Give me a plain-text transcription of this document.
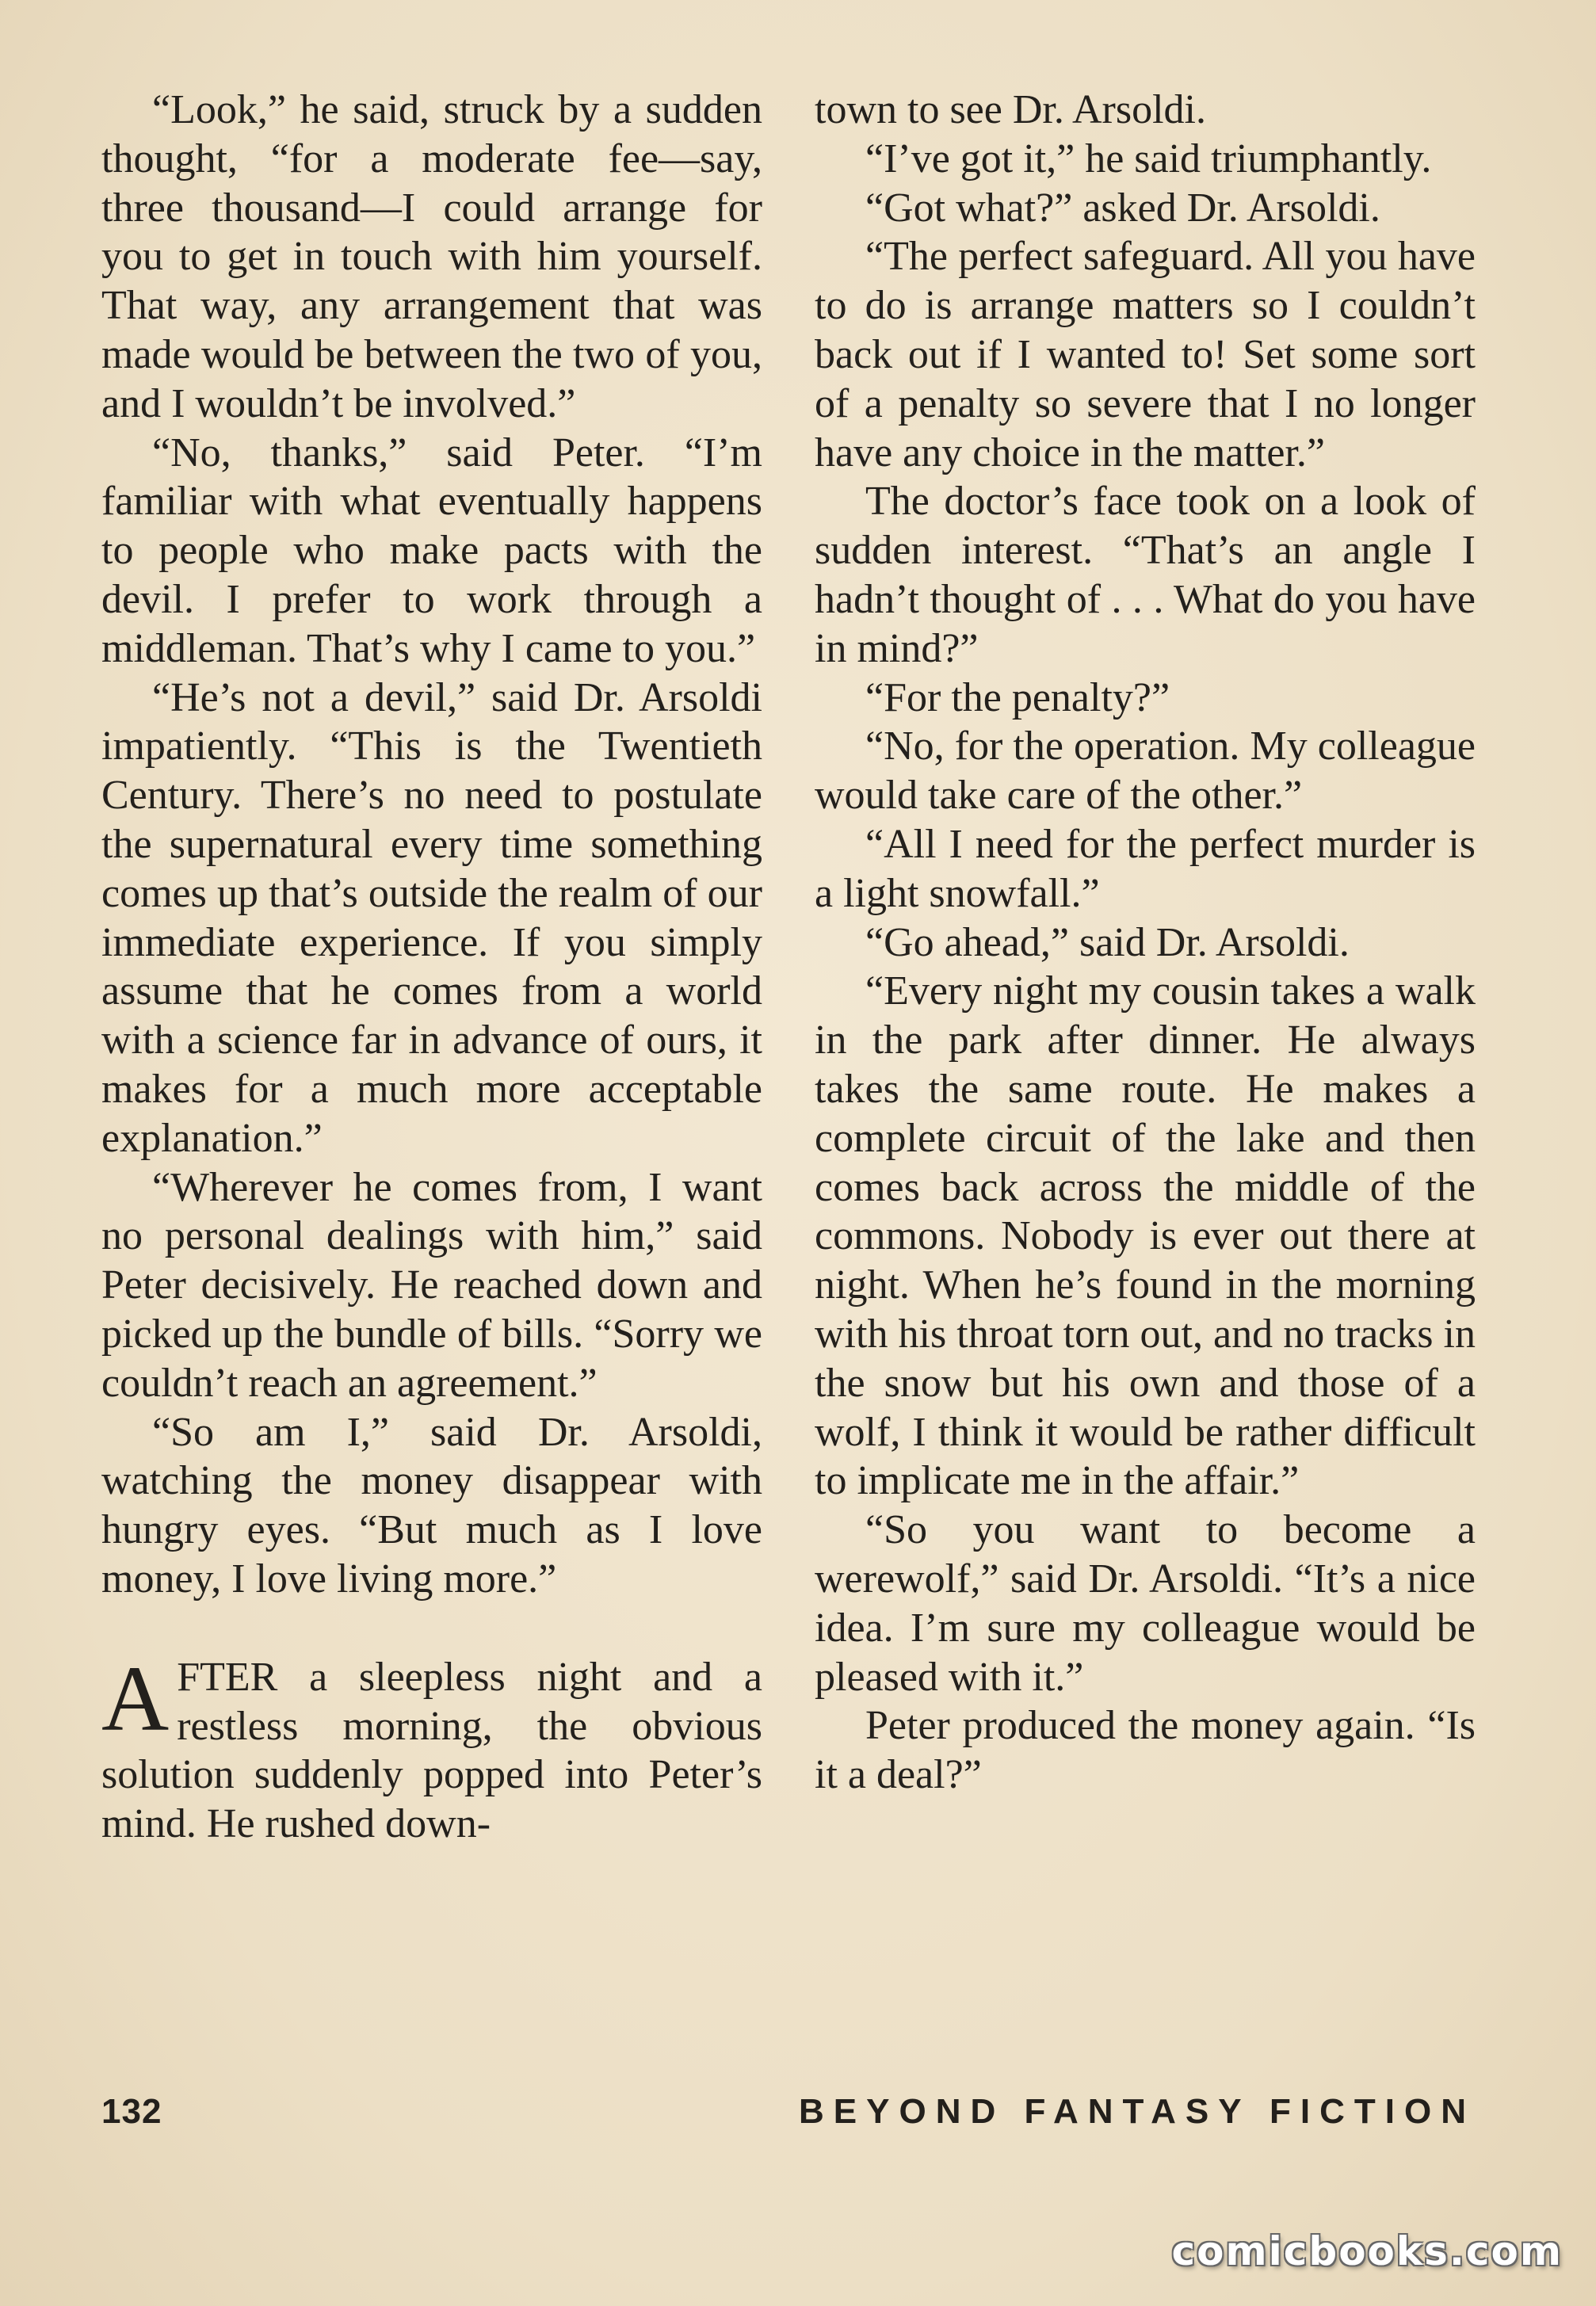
“Look,” he said, struck by a sudden thought, “for a moderate fee—say, three thousand—I could arrange for you to get in touch with him yourself. That way, any arrangement that was made would be between the two of you, and I wouldn’t be involved.”

“No, thanks,” said Peter. “I’m familiar with what eventually happens to people who make pacts with the devil. I prefer to work through a middleman. That’s why I came to you.”

“He’s not a devil,” said Dr. Arsoldi impatiently. “This is the Twentieth Century. There’s no need to postulate the supernatural every time something comes up that’s outside the realm of our immediate experience. If you simply assume that he comes from a world with a science far in advance of ours, it makes for a much more acceptable explanation.”

“Wherever he comes from, I want no personal dealings with him,” said Peter decisively. He reached down and picked up the bundle of bills. “Sorry we couldn’t reach an agreement.”

“So am I,” said Dr. Arsoldi, watching the money disappear with hungry eyes. “But much as I love money, I love living more.”

AFTER a sleepless night and a restless morning, the obvious solution suddenly popped into Peter’s mind. He rushed down-

town to see Dr. Arsoldi.

“I’ve got it,” he said triumphantly.

“Got what?” asked Dr. Arsoldi.

“The perfect safeguard. All you have to do is arrange matters so I couldn’t back out if I wanted to! Set some sort of a penalty so severe that I no longer have any choice in the matter.”

The doctor’s face took on a look of sudden interest. “That’s an angle I hadn’t thought of . . . What do you have in mind?”

“For the penalty?”

“No, for the operation. My colleague would take care of the other.”

“All I need for the perfect murder is a light snowfall.”

“Go ahead,” said Dr. Arsoldi.

“Every night my cousin takes a walk in the park after dinner. He always takes the same route. He makes a complete circuit of the lake and then comes back across the middle of the commons. Nobody is ever out there at night. When he’s found in the morning with his throat torn out, and no tracks in the snow but his own and those of a wolf, I think it would be rather difficult to implicate me in the affair.”

“So you want to become a werewolf,” said Dr. Arsoldi. “It’s a nice idea. I’m sure my colleague would be pleased with it.”

Peter produced the money again. “Is it a deal?”

132	BEYOND FANTASY FICTION
comicbooks.com
